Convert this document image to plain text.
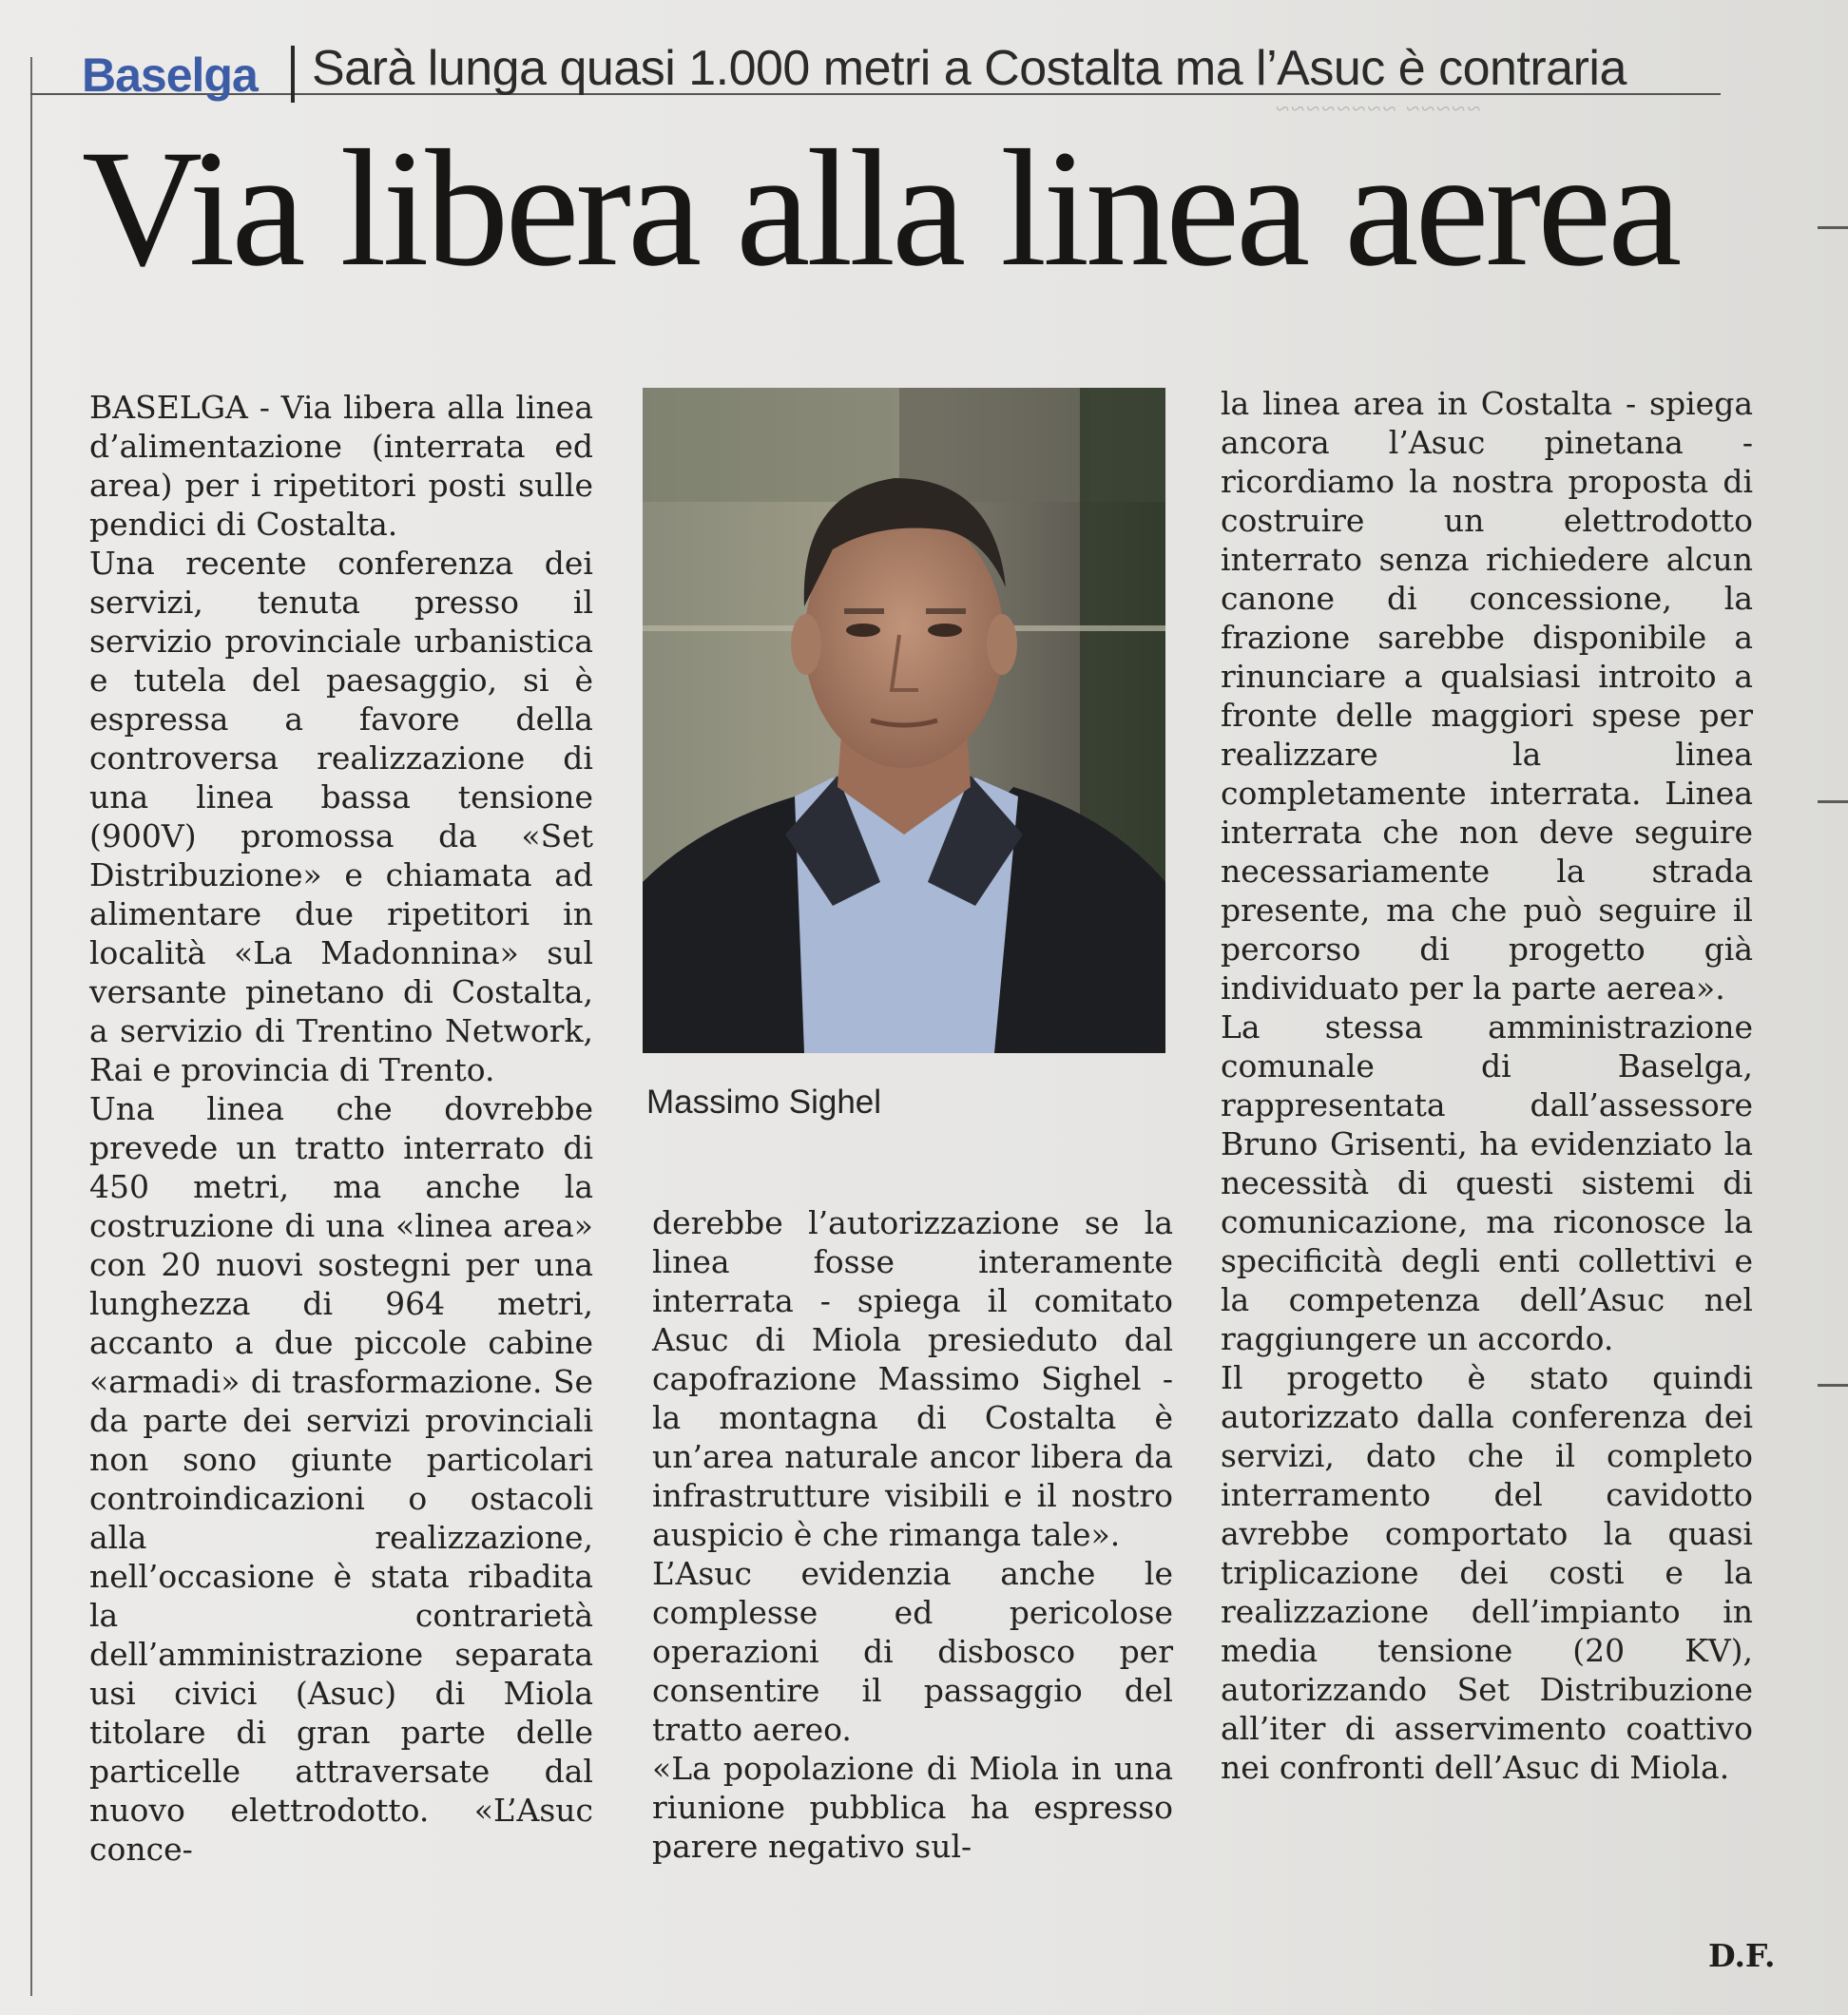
~~~~~ ~~~~~~~~
Baselga Sarà lunga quasi 1.000 metri a Costalta ma l’Asuc è contraria
Via libera alla linea aerea

BASELGA - Via libera alla linea d’alimentazione (interrata ed area) per i ripetitori posti sulle pendici di Costalta.

Una recente conferenza dei servizi, tenuta presso il servizio provinciale urbanistica e tutela del paesaggio, si è espressa a favore della controversa realizzazione di una linea bassa tensione (900V) promossa da «Set Distribuzione» e chiamata ad alimentare due ripetitori in località «La Madonnina» sul versante pinetano di Costalta, a servizio di Trentino Network, Rai e provincia di Trento.

Una linea che dovrebbe prevede un tratto interrato di 450 metri, ma anche la costruzione di una «linea area» con 20 nuovi sostegni per una lunghezza di 964 metri, accanto a due piccole cabine «armadi» di trasformazione. Se da parte dei servizi provinciali non sono giunte particolari controindicazioni o ostacoli alla realizzazione, nell’occasione è stata ribadita la contrarietà dell’amministrazione separata usi civici (Asuc) di Miola titolare di gran parte delle particelle attraversate dal nuovo elettrodotto. «L’Asuc conce-

Massimo Sighel

derebbe l’autorizzazione se la linea fosse interamente interrata - spiega il comitato Asuc di Miola presieduto dal capofrazione Massimo Sighel - la montagna di Costalta è un’area naturale ancor libera da infrastrutture visibili e il nostro auspicio è che rimanga tale».

L’Asuc evidenzia anche le complesse ed pericolose operazioni di disbosco per consentire il passaggio del tratto aereo.

«La popolazione di Miola in una riunione pubblica ha espresso parere negativo sul-

la linea area in Costalta - spiega ancora l’Asuc pinetana - ricordiamo la nostra proposta di costruire un elettrodotto interrato senza richiedere alcun canone di concessione, la frazione sarebbe disponibile a rinunciare a qualsiasi introito a fronte delle maggiori spese per realizzare la linea completamente interrata. Linea interrata che non deve seguire necessariamente la strada presente, ma che può seguire il percorso di progetto già individuato per la parte aerea».

La stessa amministrazione comunale di Baselga, rappresentata dall’assessore Bruno Grisenti, ha evidenziato la necessità di questi sistemi di comunicazione, ma riconosce la specificità degli enti collettivi e la competenza dell’Asuc nel raggiungere un accordo.

Il progetto è stato quindi autorizzato dalla conferenza dei servizi, dato che il completo interramento del cavidotto avrebbe comportato la quasi triplicazione dei costi e la realizzazione dell’impianto in media tensione (20 KV), autorizzando Set Distribuzione all’iter di asservimento coattivo nei confronti dell’Asuc di Miola.

D.F.
